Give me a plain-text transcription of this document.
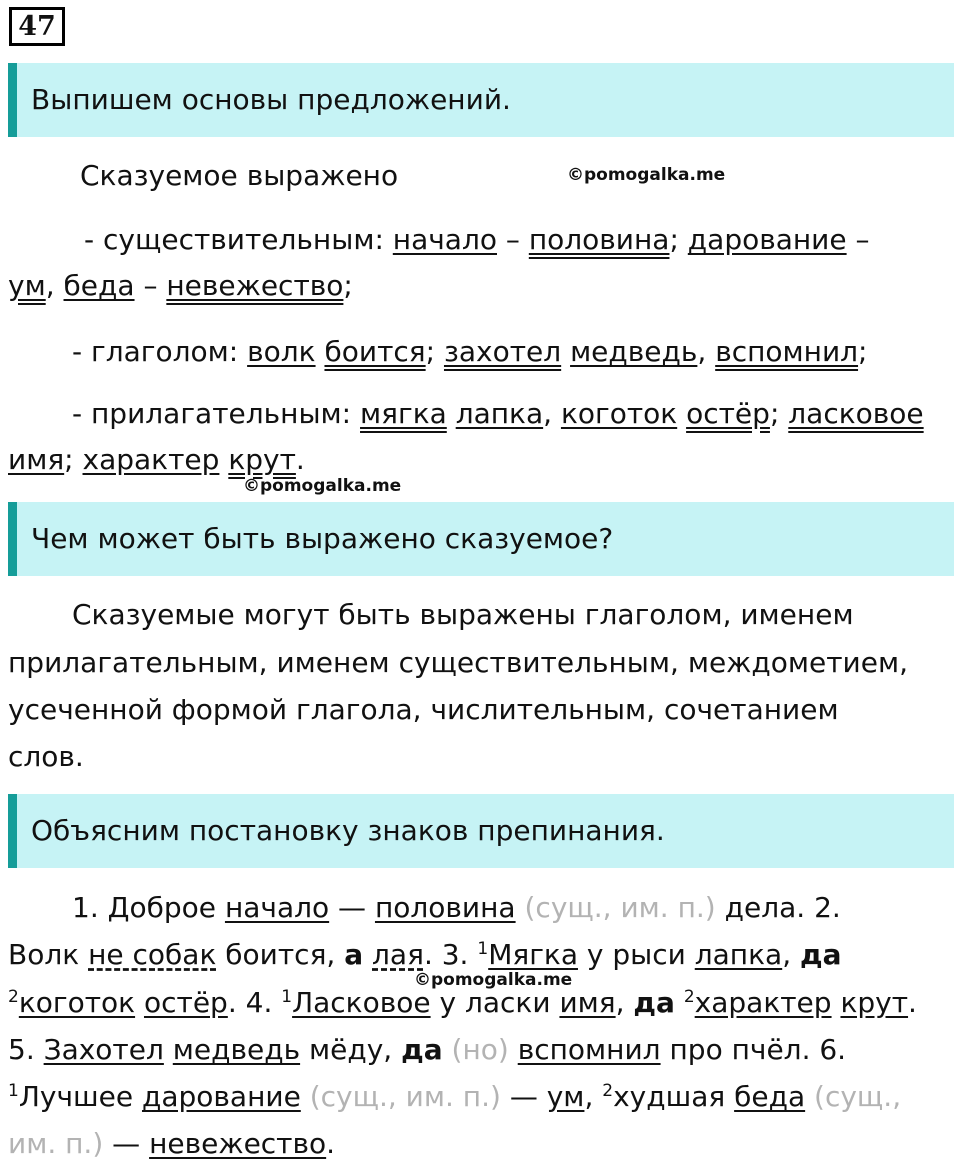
47
Выпишем основы предложений.
Сказуемое выражено	©pomogalka.me
- существительным: начало – половина; дарование –
ум, беда – невежество;
- глаголом: волк боится; захотел медведь, вспомнил;
- прилагательным: мягка лапка, коготок остёр; ласковое
имя; характер крут.
©pomogalka.me
Чем может быть выражено сказуемое?
Сказуемые могут быть выражены глаголом, именем
прилагательным, именем существительным, междометием,
усеченной формой глагола, числительным, сочетанием
слов.
Объясним постановку знаков препинания.
1. Доброе начало — половина (сущ., им. п.) дела. 2.
Волк не собак боится, а лая. 3. $^1$Мягка у рыси лапка, да
©pomogalka.me
$^2$коготок остёр. 4. $^1$Ласковое у ласки имя, да $^2$характер крут.
5. Захотел медведь мёду, да (но) вспомнил про пчёл. 6.
$^1$Лучшее дарование (сущ., им. п.) — ум, $^2$худшая беда (сущ.,
им. п.) — невежество.
